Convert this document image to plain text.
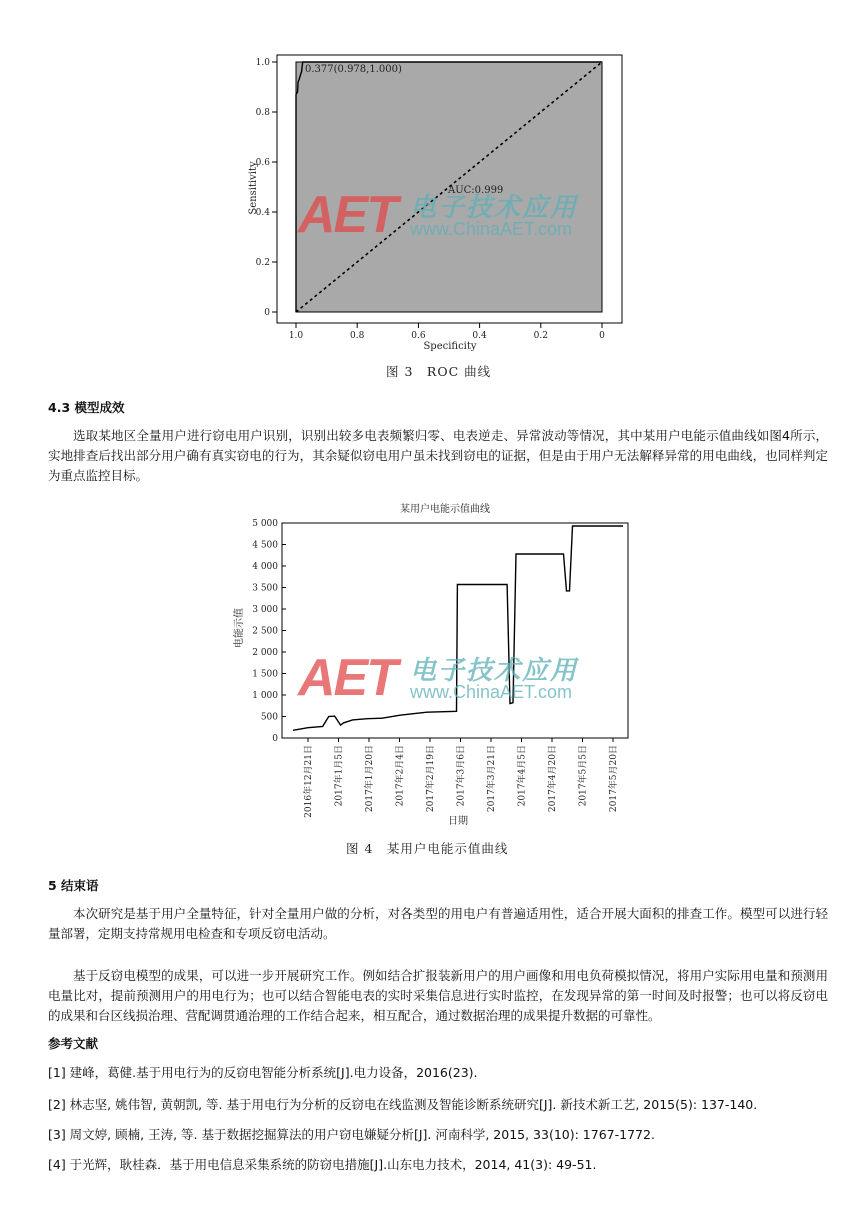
1.0	0.8	0.6	0.4	0.2	0
0
0.2
0.4
0.6
0.8
1.0
0.377(0.978,1.000)
AUC:0.999
Specificity
Sensitivity AET 电子技术应用
www.ChinaAET.com
图 3　ROC 曲线
4.3 模型成效
选取某地区全量用户进行窃电用户识别，识别出较多电表频繁归零、电表逆走、异常波动等情况，其中某用户电能示值曲线如图4所示，实地排查后找出部分用户确有真实窃电的行为，其余疑似窃电用户虽未找到窃电的证据，但是由于用户无法解释异常的用电曲线，也同样判定为重点监控目标。
某用户电能示值曲线
0
500
1 000
1 500
2 000
2 500
3 000
3 500
4 000
4 500
5 000
2016年12月21日 2017年1月5日 2017年1月20日 2017年2月4日 2017年2月19日 2017年3月6日 2017年3月21日 2017年4月5日 2017年4月20日 2017年5月5日 2017年5月20日
电能示值
日期
AET 电子技术应用
www.ChinaAET.com
图 4　某用户电能示值曲线
5 结束语
本次研究是基于用户全量特征，针对全量用户做的分析，对各类型的用电户有普遍适用性，适合开展大面积的排查工作。模型可以进行轻量部署，定期支持常规用电检查和专项反窃电活动。
基于反窃电模型的成果，可以进一步开展研究工作。例如结合扩报装新用户的用户画像和用电负荷模拟情况，将用户实际用电量和预测用电量比对，提前预测用户的用电行为；也可以结合智能电表的实时采集信息进行实时监控，在发现异常的第一时间及时报警；也可以将反窃电的成果和台区线损治理、营配调贯通治理的工作结合起来，相互配合，通过数据治理的成果提升数据的可靠性。
参考文献
[1] 建峰，葛健.基于用电行为的反窃电智能分析系统[J].电力设备，2016(23).
[2] 林志坚, 姚伟智, 黄朝凯, 等. 基于用电行为分析的反窃电在线监测及智能诊断系统研究[J]. 新技术新工艺, 2015(5): 137-140.
[3] 周文婷, 顾楠, 王涛, 等. 基于数据挖掘算法的用户窃电嫌疑分析[J]. 河南科学, 2015, 33(10): 1767-1772.
[4] 于光辉，耿桂森．基于用电信息采集系统的防窃电措施[J].山东电力技术，2014, 41(3): 49-51.
